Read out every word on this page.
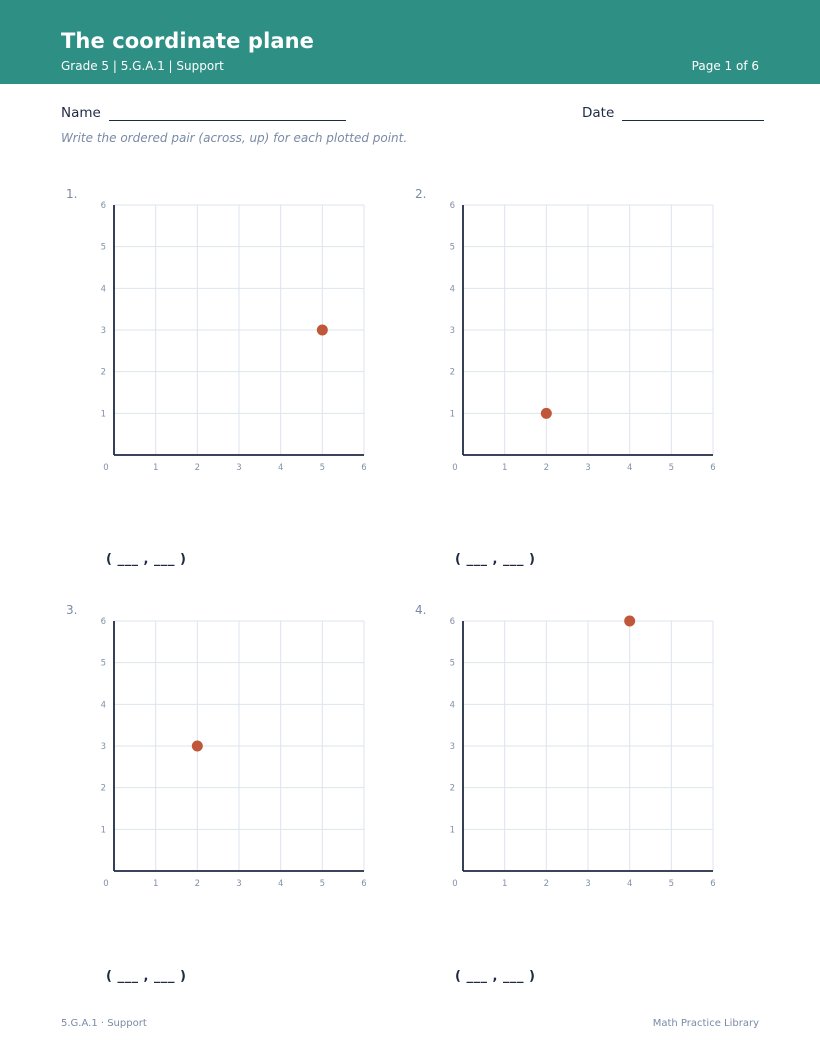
The coordinate plane
Grade 5 | 5.G.A.1 | Support	Page 1 of 6
Name	Date

Write the ordered pair (across, up) for each plotted point.

1.
0	1	2	3	4	5	6
1
2
3
4
5
6
( ___ , ___ )
2.
0	1	2	3	4	5	6
1
2
3
4
5
6
( ___ , ___ )
3.
0	1	2	3	4	5	6
1
2
3
4
5
6
( ___ , ___ )
4.
0	1	2	3	4	5	6
1
2
3
4
5
6
( ___ , ___ )
5.G.A.1 · Support	Math Practice Library
